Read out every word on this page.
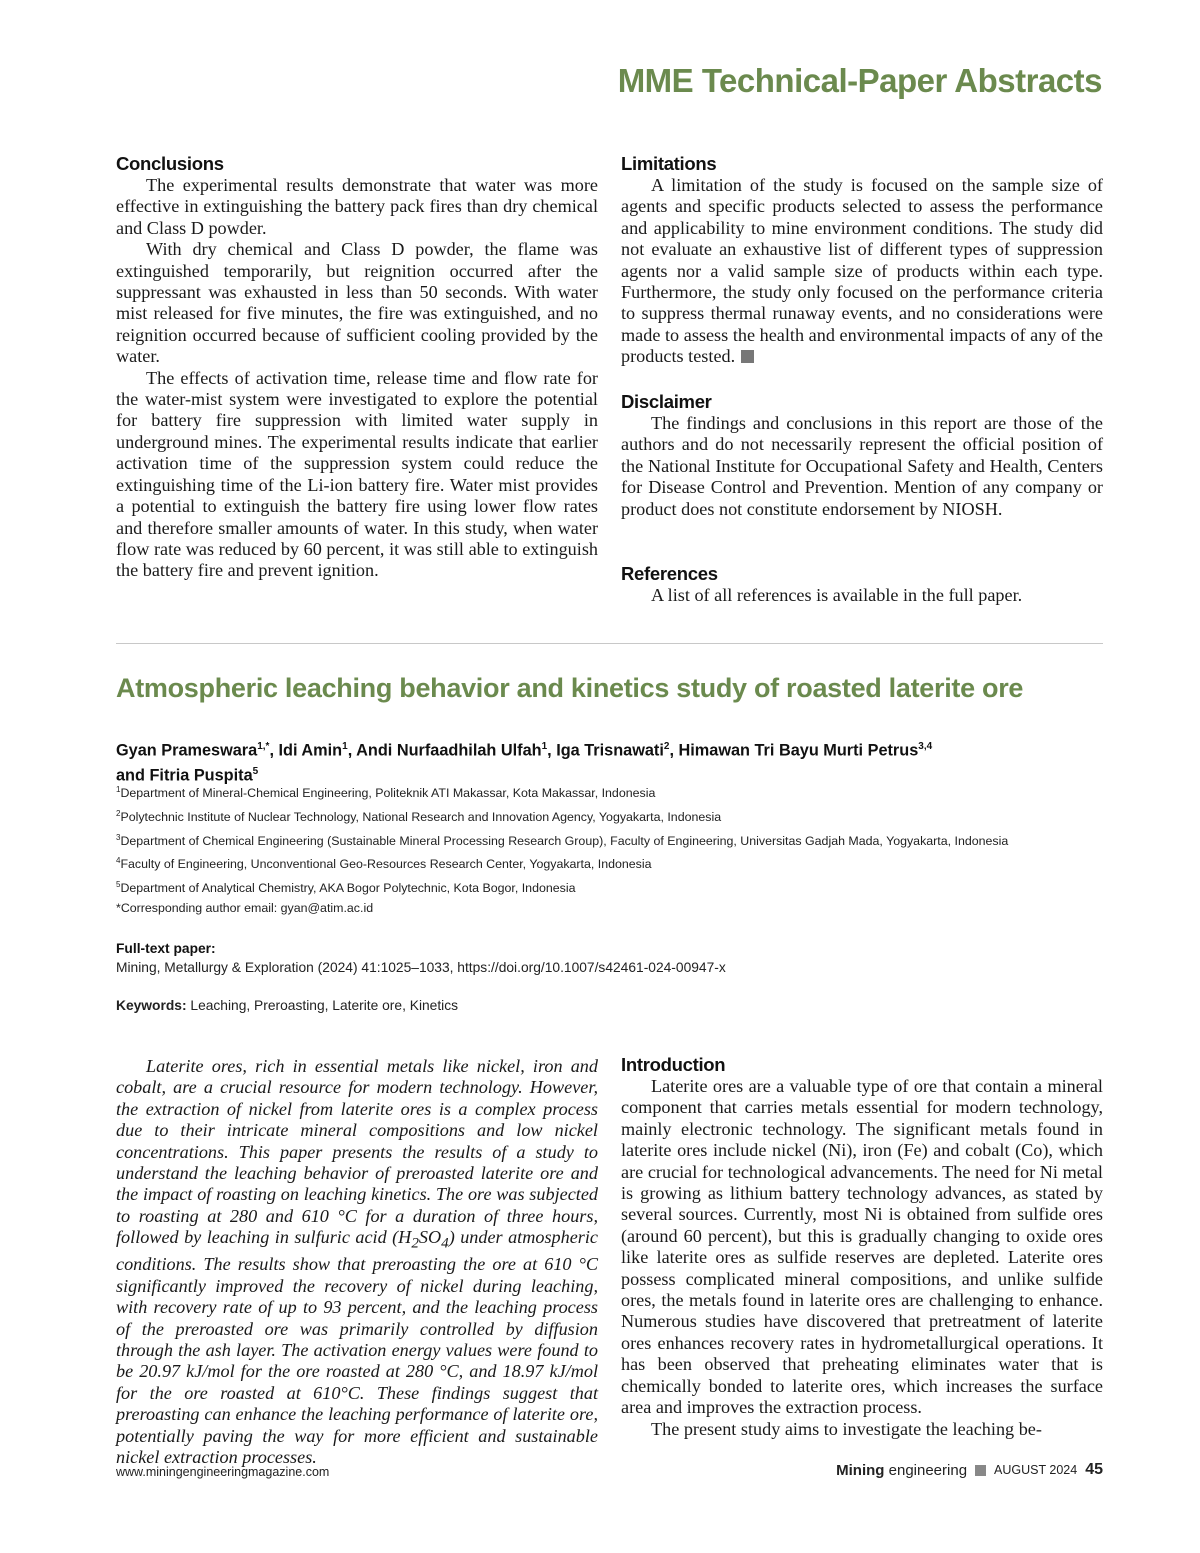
MME Technical-Paper Abstracts
Conclusions

The experimental results demonstrate that water was more effective in extinguishing the battery pack fires than dry chemical and Class D powder.

With dry chemical and Class D powder, the flame was extinguished temporarily, but reignition occurred after the suppressant was exhausted in less than 50 seconds. With water mist released for five minutes, the fire was extinguished, and no reignition occurred because of sufficient cooling provided by the water.

The effects of activation time, release time and flow rate for the water-mist system were investigated to explore the potential for battery fire suppression with limited water supply in underground mines. The experimental results indicate that earlier activation time of the suppression system could reduce the extinguishing time of the Li-ion battery fire. Water mist provides a potential to extinguish the battery fire using lower flow rates and therefore smaller amounts of water. In this study, when water flow rate was reduced by 60 percent, it was still able to extinguish the battery fire and prevent ignition.

Limitations

A limitation of the study is focused on the sample size of agents and specific products selected to assess the performance and applicability to mine environment conditions. The study did not evaluate an exhaustive list of different types of suppression agents nor a valid sample size of products within each type. Furthermore, the study only focused on the performance criteria to suppress thermal runaway events, and no considerations were made to assess the health and environmental impacts of any of the products tested.

Disclaimer

The findings and conclusions in this report are those of the authors and do not necessarily represent the official position of the National Institute for Occupational Safety and Health, Centers for Disease Control and Prevention. Mention of any company or product does not constitute endorsement by NIOSH.

References

A list of all references is available in the full paper.

Atmospheric leaching behavior and kinetics study of roasted laterite ore
Gyan Prameswara$^{1,*}$, Idi Amin$^1$, Andi Nurfaadhilah Ulfah$^1$, Iga Trisnawati$^2$, Himawan Tri Bayu Murti Petrus$^{3,4}$
and Fitria Puspita$^5$
$^1$Department of Mineral-Chemical Engineering, Politeknik ATI Makassar, Kota Makassar, Indonesia
$^2$Polytechnic Institute of Nuclear Technology, National Research and Innovation Agency, Yogyakarta, Indonesia
$^3$Department of Chemical Engineering (Sustainable Mineral Processing Research Group), Faculty of Engineering, Universitas Gadjah Mada, Yogyakarta, Indonesia
$^4$Faculty of Engineering, Unconventional Geo-Resources Research Center, Yogyakarta, Indonesia
$^5$Department of Analytical Chemistry, AKA Bogor Polytechnic, Kota Bogor, Indonesia
*Corresponding author email: gyan@atim.ac.id
Full-text paper:
Mining, Metallurgy & Exploration (2024) 41:1025–1033, https://doi.org/10.1007/s42461-024-00947-x
Keywords: Leaching, Preroasting, Laterite ore, Kinetics

Laterite ores, rich in essential metals like nickel, iron and cobalt, are a crucial resource for modern technology. However, the extraction of nickel from laterite ores is a complex process due to their intricate mineral compositions and low nickel concentrations. This paper presents the results of a study to understand the leaching behavior of preroasted laterite ore and the impact of roasting on leaching kinetics. The ore was subjected to roasting at 280 and 610 °C for a duration of three hours, followed by leaching in sulfuric acid $(H_2SO_4)$ under atmospheric conditions. The results show that preroasting the ore at 610 °C significantly improved the recovery of nickel during leaching, with recovery rate of up to 93 percent, and the leaching process of the preroasted ore was primarily controlled by diffusion through the ash layer. The activation energy values were found to be 20.97 kJ/mol for the ore roasted at 280 °C, and 18.97 kJ/mol for the ore roasted at 610°C. These findings suggest that preroasting can enhance the leaching performance of laterite ore, potentially paving the way for more efficient and sustainable nickel extraction processes.

Introduction

Laterite ores are a valuable type of ore that contain a mineral component that carries metals essential for modern technology, mainly electronic technology. The significant metals found in laterite ores include nickel (Ni), iron (Fe) and cobalt (Co), which are crucial for technological advancements. The need for Ni metal is growing as lithium battery technology advances, as stated by several sources. Currently, most Ni is obtained from sulfide ores (around 60 percent), but this is gradually changing to oxide ores like laterite ores as sulfide reserves are depleted. Laterite ores possess complicated mineral compositions, and unlike sulfide ores, the metals found in laterite ores are challenging to enhance. Numerous studies have discovered that pretreatment of laterite ores enhances recovery rates in hydrometallurgical operations. It has been observed that preheating eliminates water that is chemically bonded to laterite ores, which increases the surface area and improves the extraction process.

The present study aims to investigate the leaching be-

www.miningengineeringmagazine.com	Mining engineering AUGUST 2024 45
